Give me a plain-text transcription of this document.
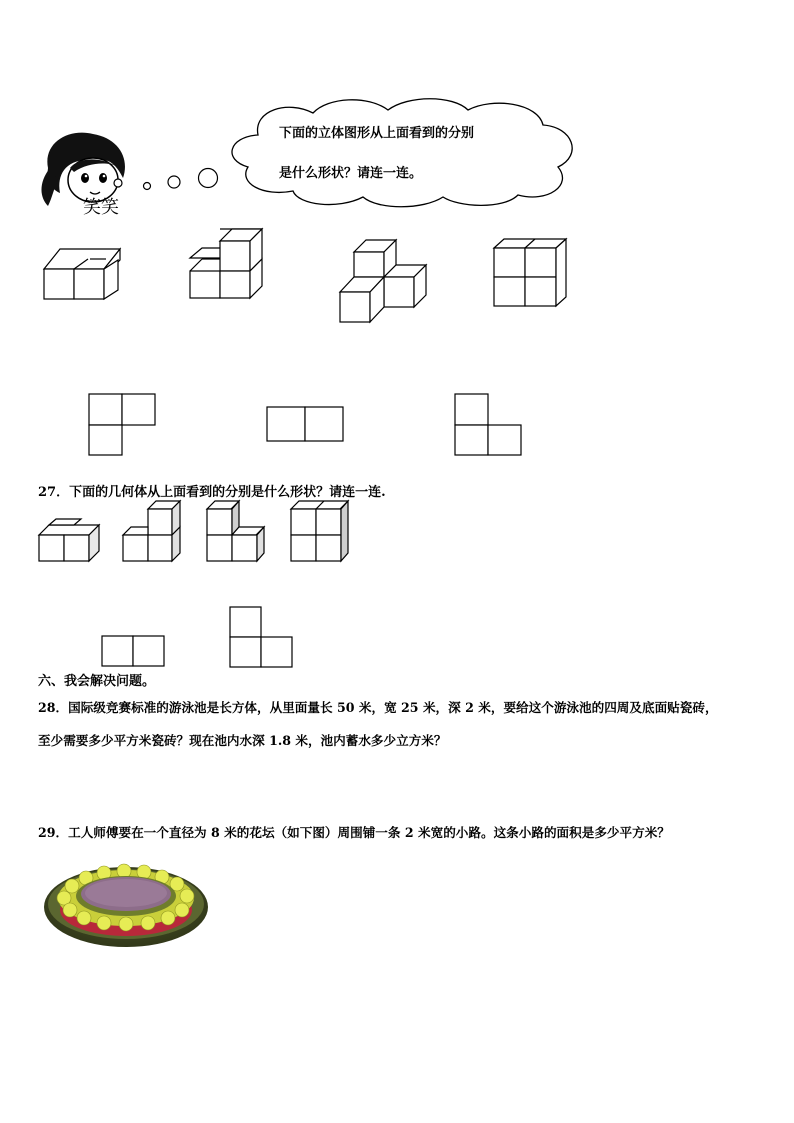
笑笑
下面的立体图形从上面看到的分别
是什么形状？请连一连。
27．下面的几何体从上面看到的分别是什么形状？请连一连.
六、我会解决问题。
28．国际级竞赛标准的游泳池是长方体，从里面量长 50 米，宽 25 米，深 2 米，要给这个游泳池的四周及底面贴瓷砖，
至少需要多少平方米瓷砖？现在池内水深 1.8 米，池内蓄水多少立方米？
29．工人师傅要在一个直径为 8 米的花坛（如下图）周围铺一条 2 米宽的小路。这条小路的面积是多少平方米？
